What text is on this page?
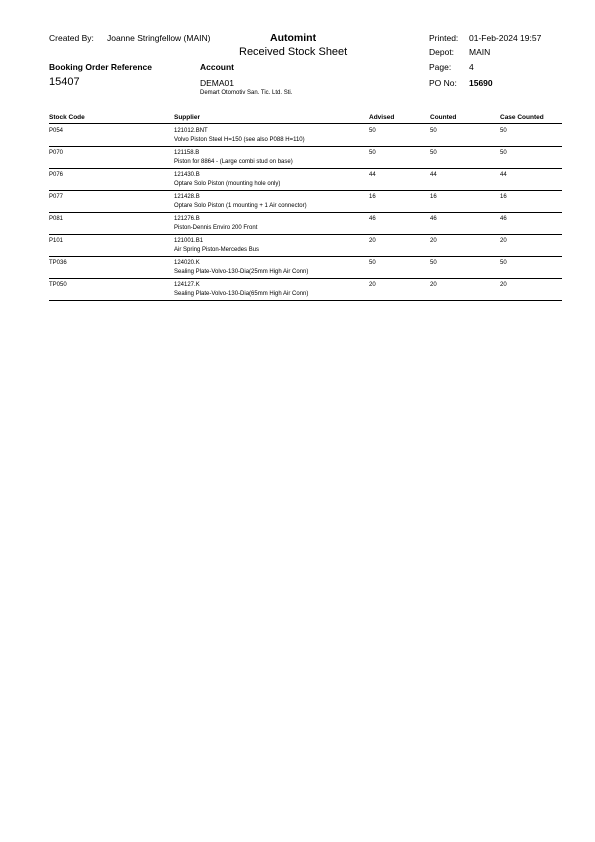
Created By: Joanne Stringfellow (MAIN)	Automint
Received Stock Sheet
Printed: 01-Feb-2024 19:57
Depot: MAIN
Booking Order Reference	Account	Page: 4
15407	DEMA01	PO No: 15690
Demart Otomotiv San. Tic. Ltd. Sti.
Stock Code	Supplier	Advised	Counted	Case Counted
P054	121012.BNT
Volvo Piston Steel H=150 (see also P088 H=110)
50	50	50
P070	121158.B
Piston for 8864 - (Large combi stud on base)
50	50	50
P076	121430.B
Optare Solo Piston (mounting hole only)
44	44	44
P077	121428.B
Optare Solo Piston (1 mounting + 1 Air connector)
16	16	16
P081	121276.B
Piston-Dennis Enviro 200 Front
46	46	46
P101	121001.B1
Air Spring Piston-Mercedes Bus
20	20	20
TP036	124020.K
Sealing Plate-Volvo-130-Dia(25mm High Air Conn)
50	50	50
TP050	124127.K
Sealing Plate-Volvo-130-Dia(65mm High Air Conn)
20	20	20
